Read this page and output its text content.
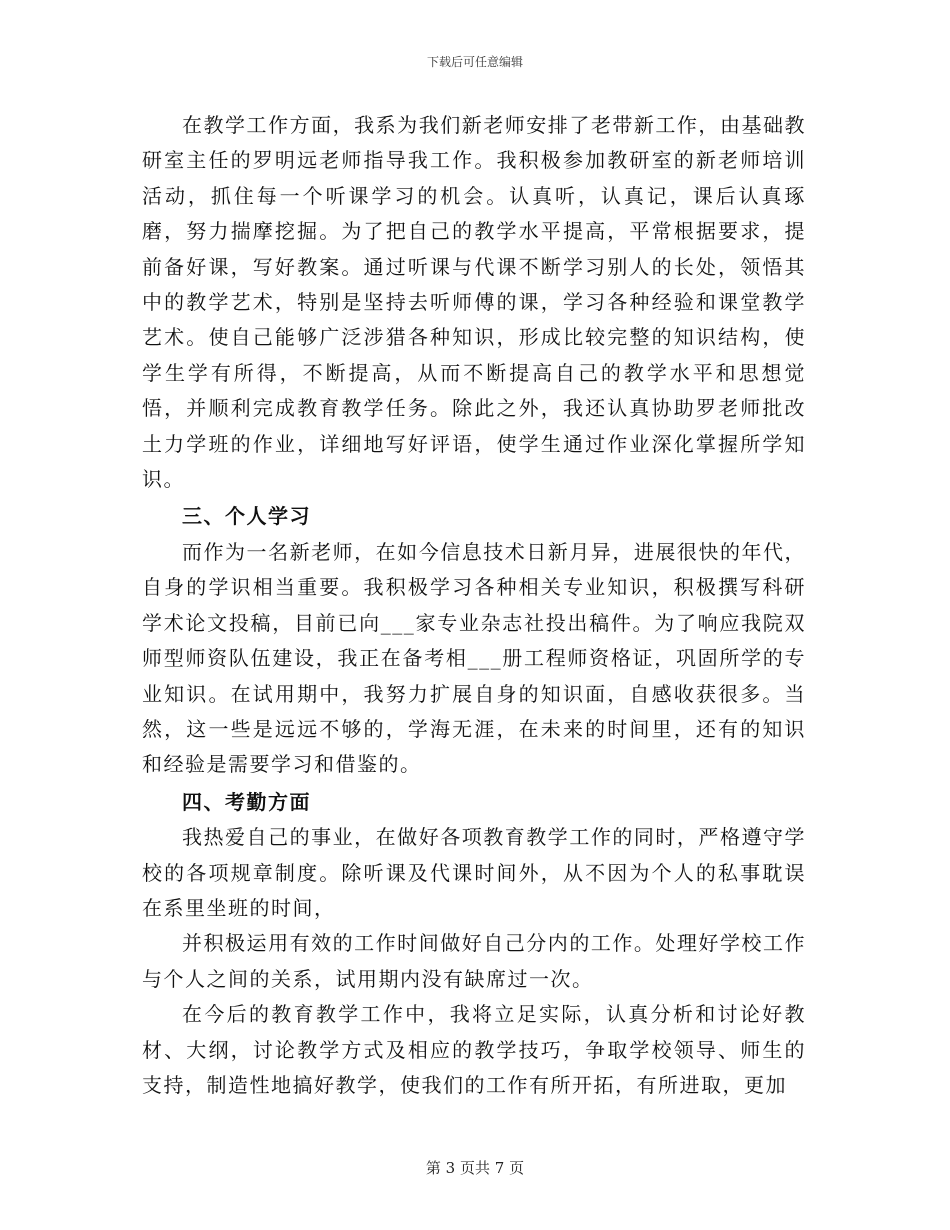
下载后可任意编辑

在教学工作方面，我系为我们新老师安排了老带新工作，由基础教研室主任的罗明远老师指导我工作。我积极参加教研室的新老师培训活动，抓住每一个听课学习的机会。认真听，认真记，课后认真琢磨，努力揣摩挖掘。为了把自己的教学水平提高，平常根据要求，提前备好课，写好教案。通过听课与代课不断学习别人的长处，领悟其中的教学艺术，特别是坚持去听师傅的课，学习各种经验和课堂教学艺术。使自己能够广泛涉猎各种知识，形成比较完整的知识结构，使学生学有所得，不断提高，从而不断提高自己的教学水平和思想觉悟，并顺利完成教育教学任务。除此之外，我还认真协助罗老师批改土力学班的作业，详细地写好评语，使学生通过作业深化掌握所学知识。

三、个人学习

而作为一名新老师，在如今信息技术日新月异，进展很快的年代，自身的学识相当重要。我积极学习各种相关专业知识，积极撰写科研学术论文投稿，目前已向___家专业杂志社投出稿件。为了响应我院双师型师资队伍建设，我正在备考相___册工程师资格证，巩固所学的专业知识。在试用期中，我努力扩展自身的知识面，自感收获很多。当然，这一些是远远不够的，学海无涯，在未来的时间里，还有的知识和经验是需要学习和借鉴的。

四、考勤方面

我热爱自己的事业，在做好各项教育教学工作的同时，严格遵守学校的各项规章制度。除听课及代课时间外，从不因为个人的私事耽误在系里坐班的时间，

并积极运用有效的工作时间做好自己分内的工作。处理好学校工作与个人之间的关系，试用期内没有缺席过一次。

在今后的教育教学工作中，我将立足实际，认真分析和讨论好教材、大纲，讨论教学方式及相应的教学技巧，争取学校领导、师生的支持，制造性地搞好教学，使我们的工作有所开拓，有所进取，更加

第 3 页共 7 页
